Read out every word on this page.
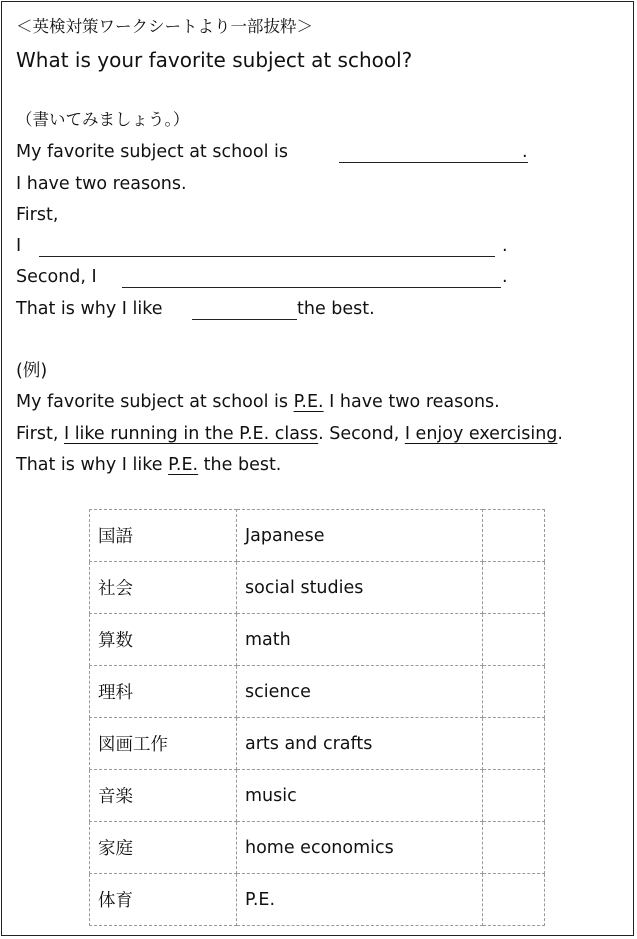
＜英検対策ワークシートより一部抜粋＞
What is your favorite subject at school?
（書いてみましょう。）
My favorite subject at school is	.
I have two reasons.
First,
I	.
Second, I	.
That is why I like	the best.
(例)
My favorite subject at school is P.E. I have two reasons.
First, I like running in the P.E. class. Second, I enjoy exercising.
That is why I like P.E. the best.
国語	Japanese	
社会	social studies	
算数	math	
理科	science	
図画工作	arts and crafts	
音楽	music	
家庭	home economics	
体育	P.E.	
